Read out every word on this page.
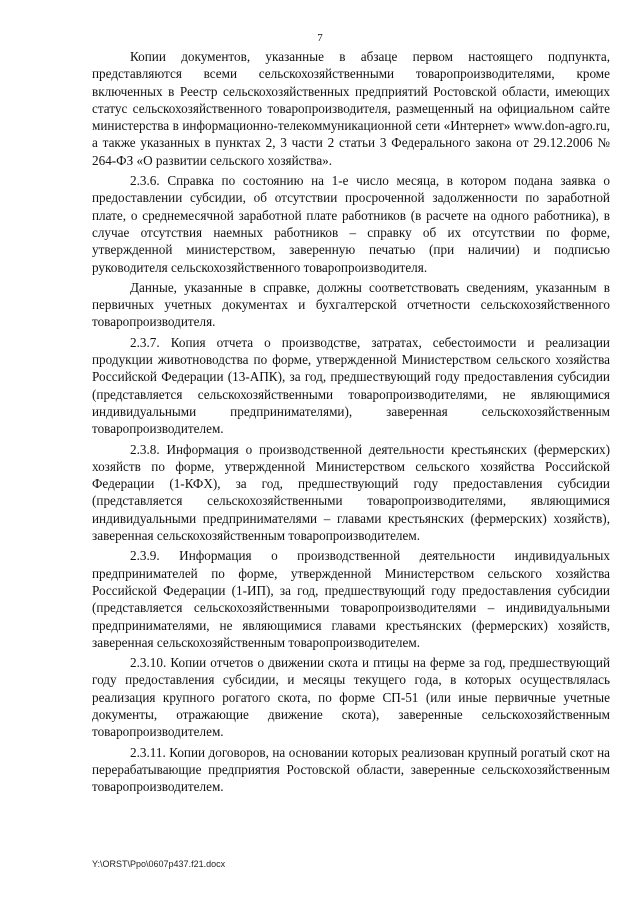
7

Копии документов, указанные в абзаце первом настоящего подпункта, представляются всеми сельскохозяйственными товаропроизводителями, кроме включенных в Реестр сельскохозяйственных предприятий Ростовской области, имеющих статус сельскохозяйственного товаропроизводителя, размещенный на официальном сайте министерства в информационно-телекоммуникационной сети «Интернет» www.don-agro.ru, а также указанных в пунктах 2, 3 части 2 статьи 3 Федерального закона от 29.12.2006 № 264-ФЗ «О развитии сельского хозяйства».

2.3.6. Справка по состоянию на 1-е число месяца, в котором подана заявка о предоставлении субсидии, об отсутствии просроченной задолженности по заработной плате, о среднемесячной заработной плате работников (в расчете на одного работника), в случае отсутствия наемных работников – справку об их отсутствии по форме, утвержденной министерством, заверенную печатью (при наличии) и подписью руководителя сельскохозяйственного товаропроизводителя.

Данные, указанные в справке, должны соответствовать сведениям, указанным в первичных учетных документах и бухгалтерской отчетности сельскохозяйственного товаропроизводителя.

2.3.7. Копия отчета о производстве, затратах, себестоимости и реализации продукции животноводства по форме, утвержденной Министерством сельского хозяйства Российской Федерации (13-АПК), за год, предшествующий году предоставления субсидии (представляется сельскохозяйственными товаропроизводителями, не являющимися индивидуальными предпринимателями), заверенная сельскохозяйственным товаропроизводителем.

2.3.8. Информация о производственной деятельности крестьянских (фермерских) хозяйств по форме, утвержденной Министерством сельского хозяйства Российской Федерации (1-КФХ), за год, предшествующий году предоставления субсидии (представляется сельскохозяйственными товаропроизводителями, являющимися индивидуальными предпринимателями – главами крестьянских (фермерских) хозяйств), заверенная сельскохозяйственным товаропроизводителем.

2.3.9. Информация о производственной деятельности индивидуальных предпринимателей по форме, утвержденной Министерством сельского хозяйства Российской Федерации (1-ИП), за год, предшествующий году предоставления субсидии (представляется сельскохозяйственными товаропроизводителями – индивидуальными предпринимателями, не являющимися главами крестьянских (фермерских) хозяйств, заверенная сельскохозяйственным товаропроизводителем.

2.3.10. Копии отчетов о движении скота и птицы на ферме за год, предшествующий году предоставления субсидии, и месяцы текущего года, в которых осуществлялась реализация крупного рогатого скота, по форме СП-51 (или иные первичные учетные документы, отражающие движение скота), заверенные сельскохозяйственным товаропроизводителем.

2.3.11. Копии договоров, на основании которых реализован крупный рогатый скот на перерабатывающие предприятия Ростовской области, заверенные сельскохозяйственным товаропроизводителем.

Y:\ORST\Ppo\0607p437.f21.docx
